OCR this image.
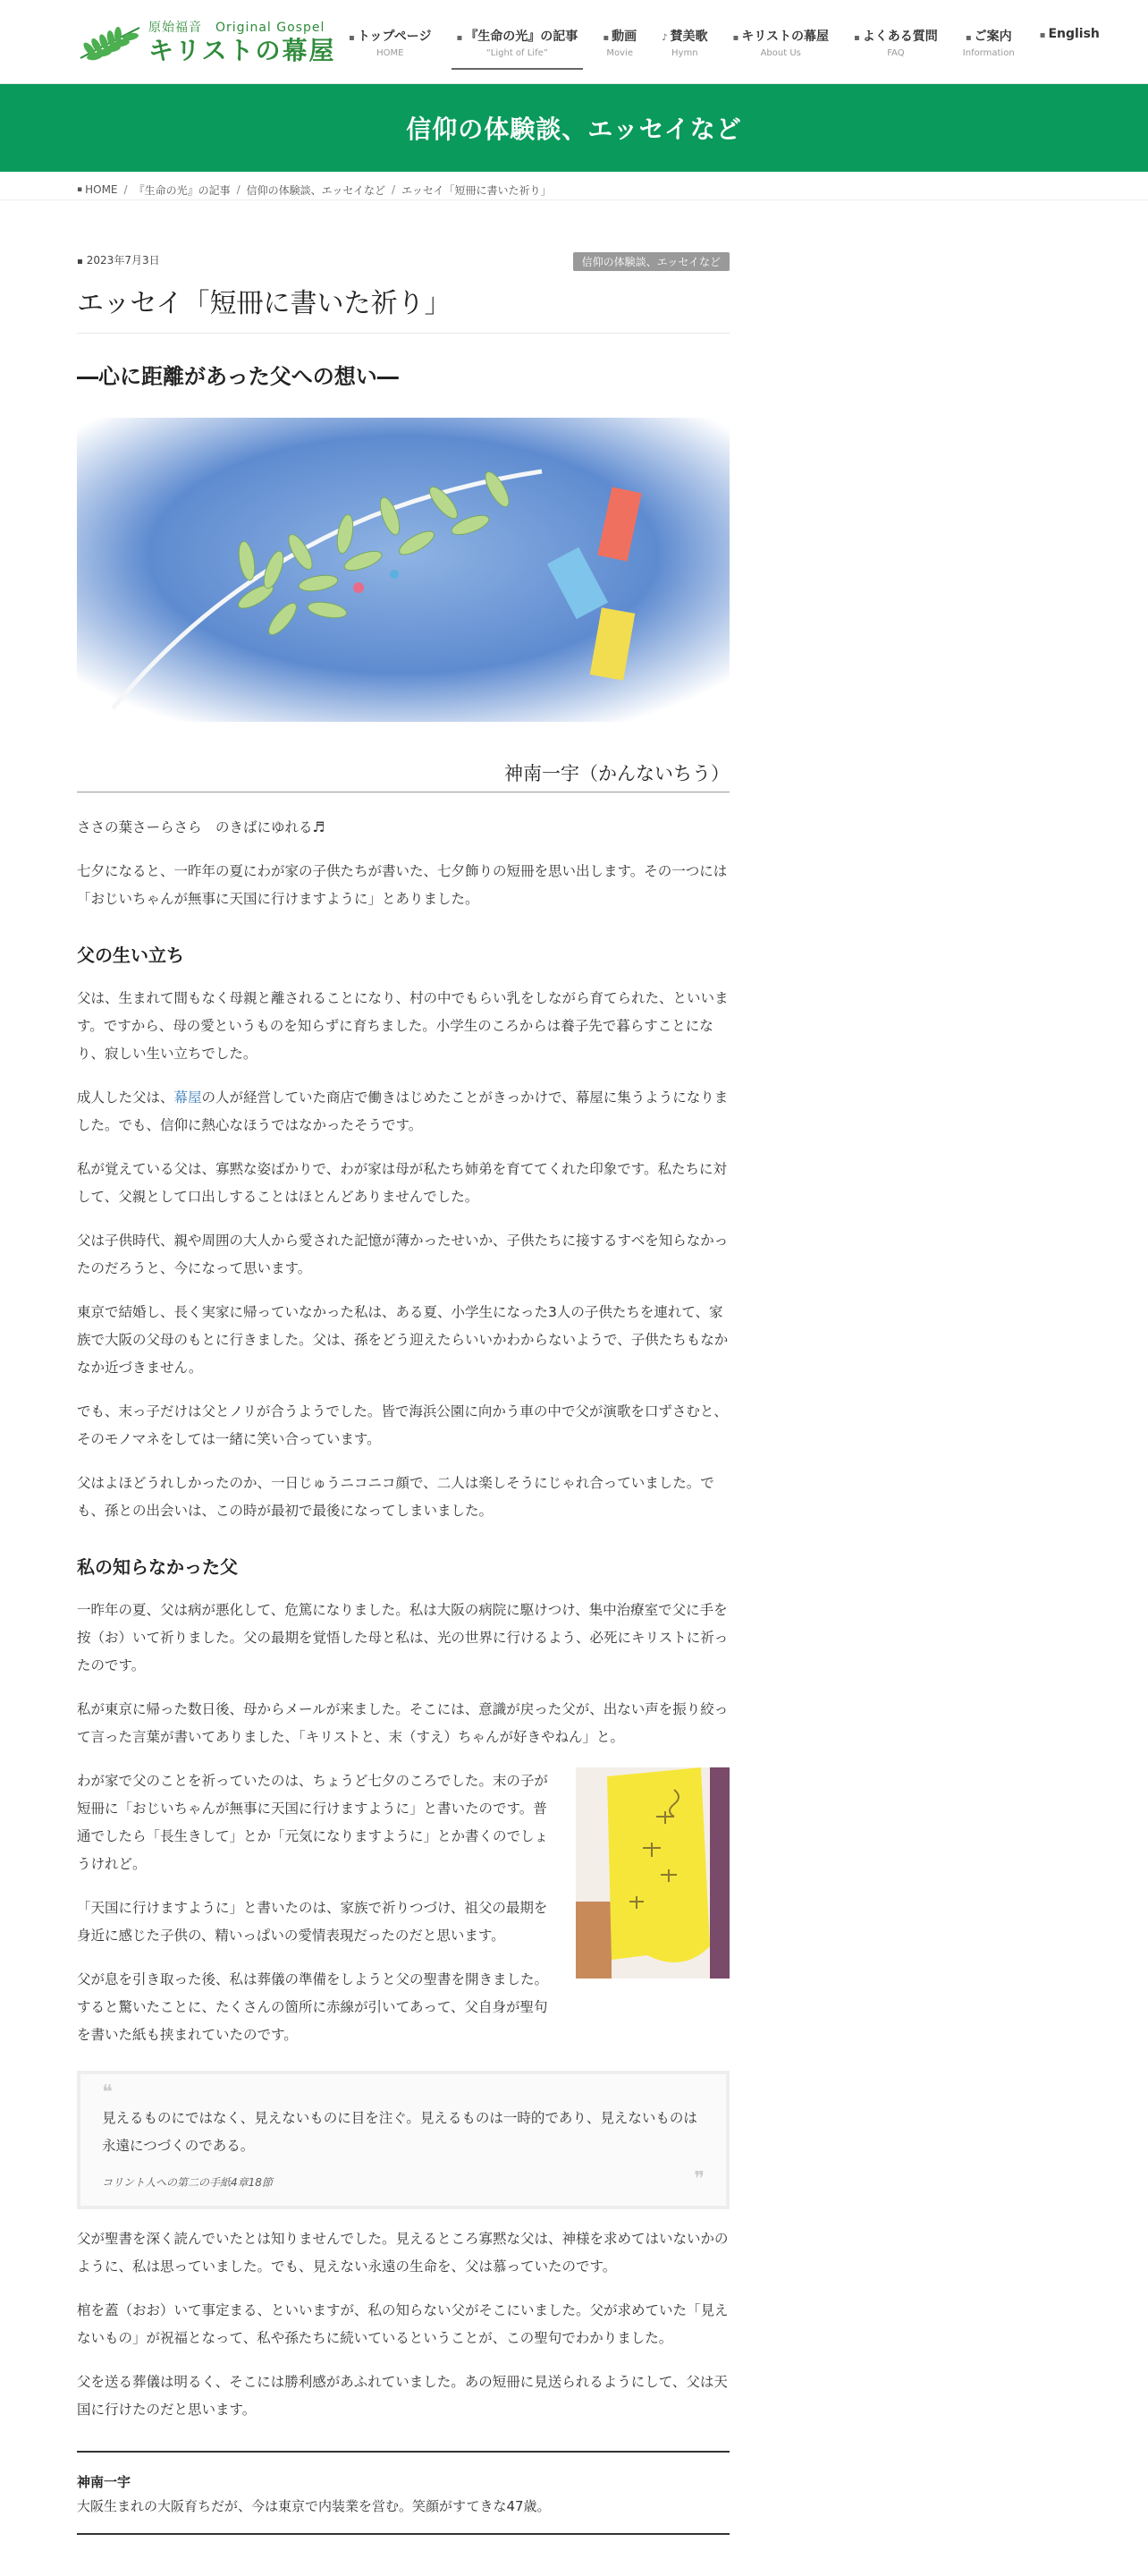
原始福音　Original Gospel
キリストの幕屋 ▪ トップページ
HOME
▪ 『生命の光』の記事
“Light of Life”
▪ 動画
Movie
♪ 賛美歌
Hymn
▪ キリストの幕屋
About Us
▪ よくある質問
FAQ
▪ ご案内
Information
▪ English
信仰の体験談、エッセイなど
▪ HOME / 『生命の光』の記事 / 信仰の体験談、エッセイなど / エッセイ「短冊に書いた祈り」
▪ 2023年7月3日	信仰の体験談、エッセイなど
エッセイ「短冊に書いた祈り」
―心に距離があった父への想い―

神南一宇（かんないちう）

ささの葉さーらさら　のきばにゆれる♬

七夕になると、一昨年の夏にわが家の子供たちが書いた、七夕飾りの短冊を思い出します。その一つには「おじいちゃんが無事に天国に行けますように」とありました。

父の生い立ち

父は、生まれて間もなく母親と離されることになり、村の中でもらい乳をしながら育てられた、といいます。ですから、母の愛というものを知らずに育ちました。小学生のころからは養子先で暮らすことになり、寂しい生い立ちでした。

成人した父は、幕屋の人が経営していた商店で働きはじめたことがきっかけで、幕屋に集うようになりました。でも、信仰に熱心なほうではなかったそうです。

私が覚えている父は、寡黙な姿ばかりで、わが家は母が私たち姉弟を育ててくれた印象です。私たちに対して、父親として口出しすることはほとんどありませんでした。

父は子供時代、親や周囲の大人から愛された記憶が薄かったせいか、子供たちに接するすべを知らなかったのだろうと、今になって思います。

東京で結婚し、長く実家に帰っていなかった私は、ある夏、小学生になった3人の子供たちを連れて、家族で大阪の父母のもとに行きました。父は、孫をどう迎えたらいいかわからないようで、子供たちもなかなか近づきません。

でも、末っ子だけは父とノリが合うようでした。皆で海浜公園に向かう車の中で父が演歌を口ずさむと、そのモノマネをしては一緒に笑い合っています。

父はよほどうれしかったのか、一日じゅうニコニコ顔で、二人は楽しそうにじゃれ合っていました。でも、孫との出会いは、この時が最初で最後になってしまいました。

私の知らなかった父

一昨年の夏、父は病が悪化して、危篤になりました。私は大阪の病院に駆けつけ、集中治療室で父に手を按（お）いて祈りました。父の最期を覚悟した母と私は、光の世界に行けるよう、必死にキリストに祈ったのです。

私が東京に帰った数日後、母からメールが来ました。そこには、意識が戻った父が、出ない声を振り絞って言った言葉が書いてありました、「キリストと、末（すえ）ちゃんが好きやねん」と。

わが家で父のことを祈っていたのは、ちょうど七夕のころでした。末の子が短冊に「おじいちゃんが無事に天国に行けますように」と書いたのです。普通でしたら「長生きして」とか「元気になりますように」とか書くのでしょうけれど。

「天国に行けますように」と書いたのは、家族で祈りつづけ、祖父の最期を身近に感じた子供の、精いっぱいの愛情表現だったのだと思います。

父が息を引き取った後、私は葬儀の準備をしようと父の聖書を開きました。すると驚いたことに、たくさんの箇所に赤線が引いてあって、父自身が聖句を書いた紙も挟まれていたのです。

❝

見えるものにではなく、見えないものに目を注ぐ。見えるものは一時的であり、見えないものは永遠につづくのである。

コリント人への第二の手紙4章18節	❞

父が聖書を深く読んでいたとは知りませんでした。見えるところ寡黙な父は、神様を求めてはいないかのように、私は思っていました。でも、見えない永遠の生命を、父は慕っていたのです。

棺を蓋（おお）いて事定まる、といいますが、私の知らない父がそこにいました。父が求めていた「見えないもの」が祝福となって、私や孫たちに続いているということが、この聖句でわかりました。

父を送る葬儀は明るく、そこには勝利感があふれていました。あの短冊に見送られるようにして、父は天国に行けたのだと思います。

神南一宇

大阪生まれの大阪育ちだが、今は東京で内装業を営む。笑顔がすてきな47歳。
